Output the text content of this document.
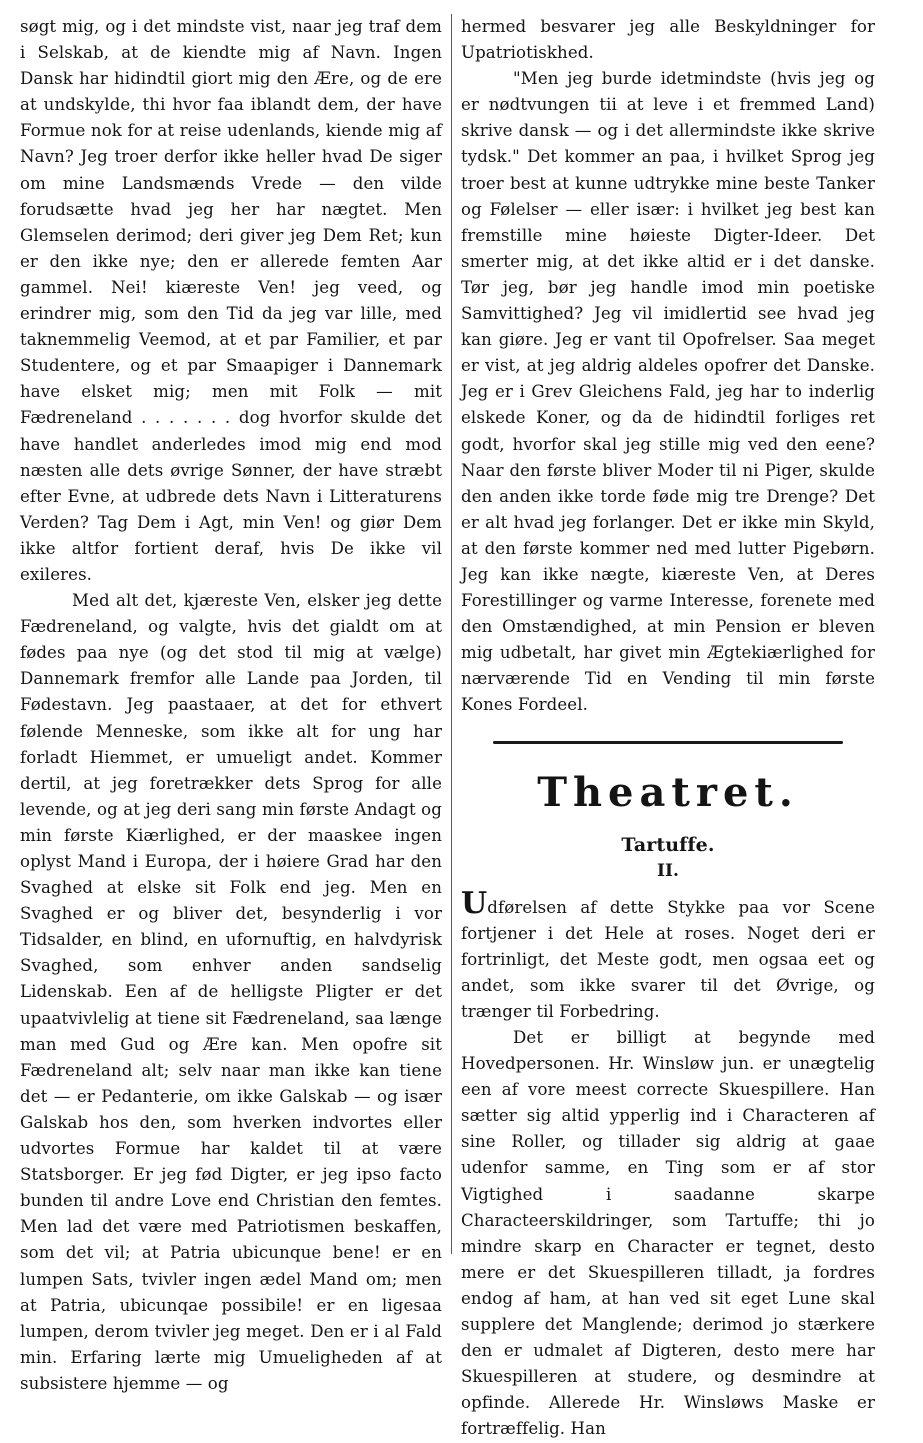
søgt mig, og i det mindste vist, naar jeg traf dem i Selskab, at de kiendte mig af Navn. Ingen Dansk har hidindtil giort mig den Ære, og de ere at undskylde, thi hvor faa iblandt dem, der have Formue nok for at reise udenlands, kiende mig af Navn? Jeg troer derfor ikke heller hvad De siger om mine Landsmænds Vrede — den vilde forudsætte hvad jeg her har nægtet. Men Glemselen derimod; deri giver jeg Dem Ret; kun er den ikke nye; den er allerede femten Aar gammel. Nei! kiæreste Ven! jeg veed, og erindrer mig, som den Tid da jeg var lille, med taknemmelig Veemod, at et par Familier, et par Studentere, og et par Smaapiger i Dannemark have elsket mig; men mit Folk — mit Fædreneland . . . . . . . dog hvorfor skulde det have handlet anderledes imod mig end mod næsten alle dets øvrige Sønner, der have stræbt efter Evne, at udbrede dets Navn i Litteraturens Verden? Tag Dem i Agt, min Ven! og giør Dem ikke altfor fortient deraf, hvis De ikke vil exileres.

Med alt det, kjæreste Ven, elsker jeg dette Fædreneland, og valgte, hvis det gialdt om at fødes paa nye (og det stod til mig at vælge) Dannemark fremfor alle Lande paa Jorden, til Fødestavn. Jeg paastaaer, at det for ethvert følende Menneske, som ikke alt for ung har forladt Hiemmet, er umueligt andet. Kommer dertil, at jeg foretrækker dets Sprog for alle levende, og at jeg deri sang min første Andagt og min første Kiærlighed, er der maaskee ingen oplyst Mand i Europa, der i høiere Grad har den Svaghed at elske sit Folk end jeg. Men en Svaghed er og bliver det, besynderlig i vor Tidsalder, en blind, en ufornuftig, en halvdyrisk Svaghed, som enhver anden sandselig Lidenskab. Een af de helligste Pligter er det upaatvivlelig at tiene sit Fædreneland, saa længe man med Gud og Ære kan. Men opofre sit Fædreneland alt; selv naar man ikke kan tiene det — er Pedanterie, om ikke Galskab — og især Galskab hos den, som hverken indvortes eller udvortes Formue har kaldet til at være Statsborger. Er jeg fød Digter, er jeg ipso facto bunden til andre Love end Christian den femtes. Men lad det være med Patriotismen beskaffen, som det vil; at Patria ubicunque bene! er en lumpen Sats, tvivler ingen ædel Mand om; men at Patria, ubicunqae possibile! er en ligesaa lumpen, derom tvivler jeg meget. Den er i al Fald min. Erfaring lærte mig Umueligheden af at subsistere hjemme — og

hermed besvarer jeg alle Beskyldninger for Upatriotiskhed.

"Men jeg burde idetmindste (hvis jeg og er nødtvungen tii at leve i et fremmed Land) skrive dansk — og i det allermindste ikke skrive tydsk." Det kommer an paa, i hvilket Sprog jeg troer best at kunne udtrykke mine beste Tanker og Følelser — eller især: i hvilket jeg best kan fremstille mine høieste Digter-Ideer. Det smerter mig, at det ikke altid er i det danske. Tør jeg, bør jeg handle imod min poetiske Samvittighed? Jeg vil imidlertid see hvad jeg kan giøre. Jeg er vant til Opofrelser. Saa meget er vist, at jeg aldrig aldeles opofrer det Danske. Jeg er i Grev Gleichens Fald, jeg har to inderlig elskede Koner, og da de hidindtil forliges ret godt, hvorfor skal jeg stille mig ved den eene? Naar den første bliver Moder til ni Piger, skulde den anden ikke torde føde mig tre Drenge? Det er alt hvad jeg forlanger. Det er ikke min Skyld, at den første kommer ned med lutter Pigebørn. Jeg kan ikke nægte, kiæreste Ven, at Deres Forestillinger og varme Interesse, forenete med den Omstændighed, at min Pension er bleven mig udbetalt, har givet min Ægtekiærlighed for nærværende Tid en Vending til min første Kones Fordeel.

Theatret.
Tartuffe.
II.

Udførelsen af dette Stykke paa vor Scene fortjener i det Hele at roses. Noget deri er fortrinligt, det Meste godt, men ogsaa eet og andet, som ikke svarer til det Øvrige, og trænger til Forbedring.

Det er billigt at begynde med Hovedpersonen. Hr. Winsløw jun. er unægtelig een af vore meest correcte Skuespillere. Han sætter sig altid ypperlig ind i Characteren af sine Roller, og tillader sig aldrig at gaae udenfor samme, en Ting som er af stor Vigtighed i saadanne skarpe Charactеerskildringer, som Tartuffe; thi jo mindre skarp en Character er tegnet, desto mere er det Skuespilleren tilladt, ja fordres endog af ham, at han ved sit eget Lune skal supplere det Manglende; derimod jo stærkere den er udmalet af Digteren, desto mere har Skuespilleren at studere, og desmindre at opfinde. Allerede Hr. Winsløws Maske er fortræffelig. Han
